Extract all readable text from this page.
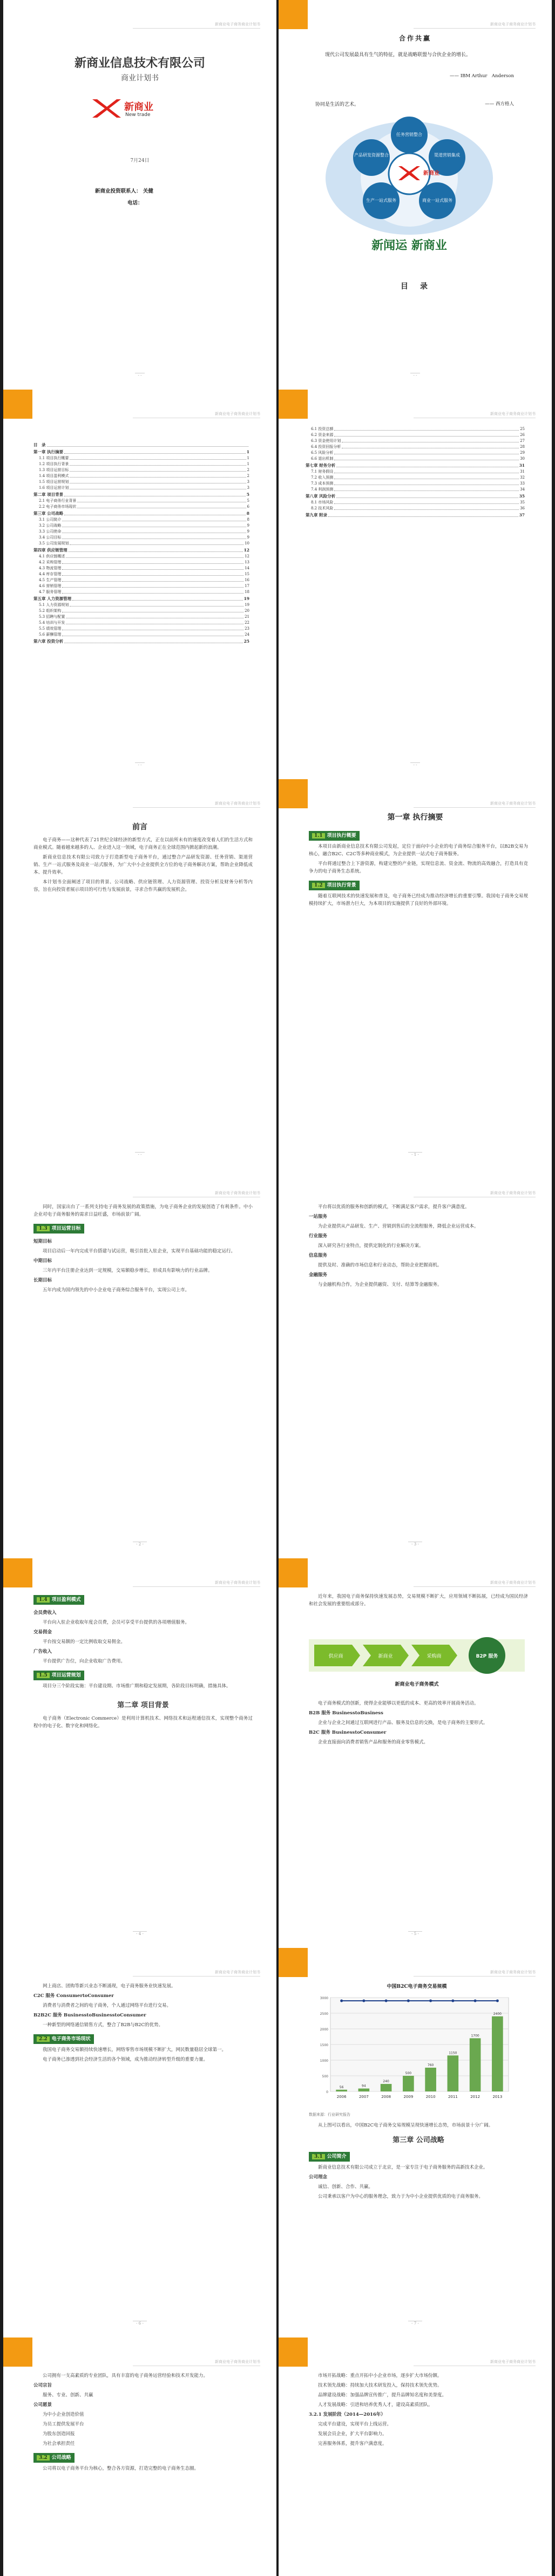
新商业电子商务商业计划书
新商业信息技术有限公司
商业计划书
新商业
New trade
7月24日
新商业投资联系人： 关健
电话：
- -
新商业电子商务商业计划书
合作共赢
现代公司发展最具有生气的特征，就是战略联盟与合伙企业的增长。
—— IBM Arthur　Anderson
协同是生活的艺术。	—— 西方格人
新商业
产品研发资源整合
任务营销整合
渠道营销集成
生产一站式服务	商业一站式服务
新闻运 新商业
目　录
- -
新商业电子商务商业计划书
目　录
第一章 执行摘要	1
1.1 项目执行概要	1
1.2 项目执行背景	1
1.3 项目运营目标	2
1.4 项目盈利模式	2
1.5 项目运营规划	3
1.6 项目运营计划	3
第二章 项目背景	5
2.1 电子商务行业背景	5
2.2 电子商务市场现状	6
第三章 公司战略	8
3.1 公司简介	8
3.2 公司战略	9
3.3 公司使命	9
3.4 公司目标	9
3.5 公司发展规划	10
第四章 供应链管理	12
4.1 供应链概述	12
4.2 采购管理	13
4.3 物流管理	14
4.4 库存管理	15
4.5 生产管理	16
4.6 营销管理	17
4.7 服务管理	18
第五章 人力资源管理	19
5.1 人力资源规划	19
5.2 组织架构	20
5.3 招聘与配置	21
5.4 培训与开发	22
5.5 绩效管理	23
5.6 薪酬管理	24
第六章 投资分析	25
- -
新商业电子商务商业计划书
6.1 投资总额	25
6.2 资金来源	26
6.3 资金使用计划	27
6.4 投资回报分析	28
6.5 风险分析	29
6.6 退出机制	30
第七章 财务分析	31
7.1 财务假设	31
7.2 收入预测	32
7.3 成本预测	33
7.4 利润预测	34
第八章 风险分析	35
8.1 市场风险	35
8.2 技术风险	36
第九章 附录	37
- -
新商业电子商务商业计划书
前言

电子商务——这种代表了21世纪全球经济的新型方式，正在以前所未有的速度改变着人们的生活方式和商业模式。随着越来越多的人、企业进入这一领域，电子商务正在全球范围内掀起新的浪潮。

新商业信息技术有限公司致力于打造新型电子商务平台，通过整合产品研发资源、任务营销、渠道营销、生产一站式服务及商业一站式服务，为广大中小企业提供全方位的电子商务解决方案，帮助企业降低成本、提升效率。

本计划书全面阐述了项目的背景、公司战略、供应链管理、人力资源管理、投资分析及财务分析等内容，旨在向投资者展示项目的可行性与发展前景，寻求合作共赢的发展机会。

- -
新商业电子商务商业计划书
第一章 执行摘要
1.1 项目执行概要

本项目由新商业信息技术有限公司发起，定位于面向中小企业的电子商务综合服务平台，以B2B交易为核心，融合B2C、C2C等多种商业模式，为企业提供一站式电子商务服务。

平台将通过整合上下游资源，构建完整的产业链，实现信息流、资金流、物流的高效融合，打造具有竞争力的电子商务生态系统。

1.2 项目执行背景

随着互联网技术的快速发展和普及，电子商务已经成为推动经济增长的重要引擎。我国电子商务交易规模持续扩大，市场潜力巨大，为本项目的实施提供了良好的外部环境。

- 1 -
新商业电子商务商业计划书

同时，国家出台了一系列支持电子商务发展的政策措施，为电子商务企业的发展创造了有利条件。中小企业对电子商务服务的需求日益旺盛，市场前景广阔。

1.3 项目运营目标
短期目标

项目启动后一年内完成平台搭建与试运营，吸引首批入驻企业，实现平台基础功能的稳定运行。

中期目标

三年内平台注册企业达到一定规模，交易额稳步增长，形成具有影响力的行业品牌。

长期目标

五年内成为国内领先的中小企业电子商务综合服务平台，实现公司上市。

- 2 -
新商业电子商务商业计划书

平台将以优质的服务和创新的模式，不断满足客户需求，提升客户满意度。

一站服务

为企业提供从产品研发、生产、营销到售后的全流程服务，降低企业运营成本。

行业服务

深入研究各行业特点，提供定制化的行业解决方案。

信息服务

提供及时、准确的市场信息和行业动态，帮助企业把握商机。

金融服务

与金融机构合作，为企业提供融资、支付、结算等金融服务。

- 3 -
新商业电子商务商业计划书
1.4 项目盈利模式
会员费收入

平台向入驻企业收取年度会员费，会员可享受平台提供的各项增值服务。

交易佣金

平台按交易额的一定比例收取交易佣金。

广告收入

平台提供广告位，向企业收取广告费用。

1.5 项目运营规划

项目分三个阶段实施：平台建设期、市场推广期和稳定发展期，各阶段目标明确，措施具体。

第二章 项目背景

电子商务（Electronic Commerce）是利用计算机技术、网络技术和远程通信技术，实现整个商务过程中的电子化、数字化和网络化。

- 4 -
新商业电子商务商业计划书

近年来，我国电子商务保持快速发展态势，交易规模不断扩大，应用领域不断拓展，已经成为国民经济和社会发展的重要组成部分。

供应商	新商业	采购商	B2P 服务
新商业电子商务模式

电子商务模式的创新，使得企业能够以更低的成本、更高的效率开展商务活动。

B2B 服务 BusinesstoBusiness

企业与企业之间通过互联网进行产品、服务及信息的交换，是电子商务的主要形式。

B2C 服务 BusinesstoConsumer

企业直接面向消费者销售产品和服务的商业零售模式。

- 5 -
新商业电子商务商业计划书

网上商店、团购等新兴业态不断涌现，电子商务服务业快速发展。

C2C 服务 ConsumertoConsumer

消费者与消费者之间的电子商务，个人通过网络平台进行交易。

B2B2C 服务 BusinesstoBusinesstoConsumer

一种新型的网络通信销售方式，整合了B2B与B2C的优势。

2.2 电子商务市场现状

我国电子商务交易额持续快速增长，网络零售市场规模不断扩大，网民数量稳居全球第一。

电子商务已渗透到社会经济生活的各个领域，成为推动经济转型升级的重要力量。

- 6 -
新商业电子商务商业计划书
中国B2C电子商务交易规模
0
500
1000
1500
2000
2500
3000
2006
56
2007
94
2008
240
2009
500
2010
760
2011
1150
2012
1700
2013
2400
数据来源：行业研究报告

从上图可以看出，中国B2C电子商务交易规模呈现快速增长态势，市场前景十分广阔。

第三章 公司战略
3.1 公司简介

新商业信息技术有限公司成立于北京，是一家专注于电子商务服务的高新技术企业。

公司理念

诚信、创新、合作、共赢。

公司秉承以客户为中心的服务理念，致力于为中小企业提供优质的电子商务服务。

- 7 -
新商业电子商务商业计划书

公司拥有一支高素质的专业团队，具有丰富的电子商务运营经验和技术开发能力。

公司宗旨

服务、专业、创新、共赢

公司愿景

为中小企业创造价值

为员工提供发展平台

为股东创造回报

为社会承担责任

3.2 公司战略

公司将以电子商务平台为核心，整合各方资源，打造完整的电子商务生态圈。

新商业电子商务商业计划书

市场开拓战略：重点开拓中小企业市场，逐步扩大市场份额。

技术领先战略：持续加大技术研发投入，保持技术领先优势。

品牌建设战略：加强品牌宣传推广，提升品牌知名度和美誉度。

人才发展战略：引进和培养优秀人才，建设高素质团队。

3.2.1 发展阶段（2014—2016年）

完成平台建设，实现平台上线运营。

发展会员企业，扩大平台影响力。

完善服务体系，提升客户满意度。
